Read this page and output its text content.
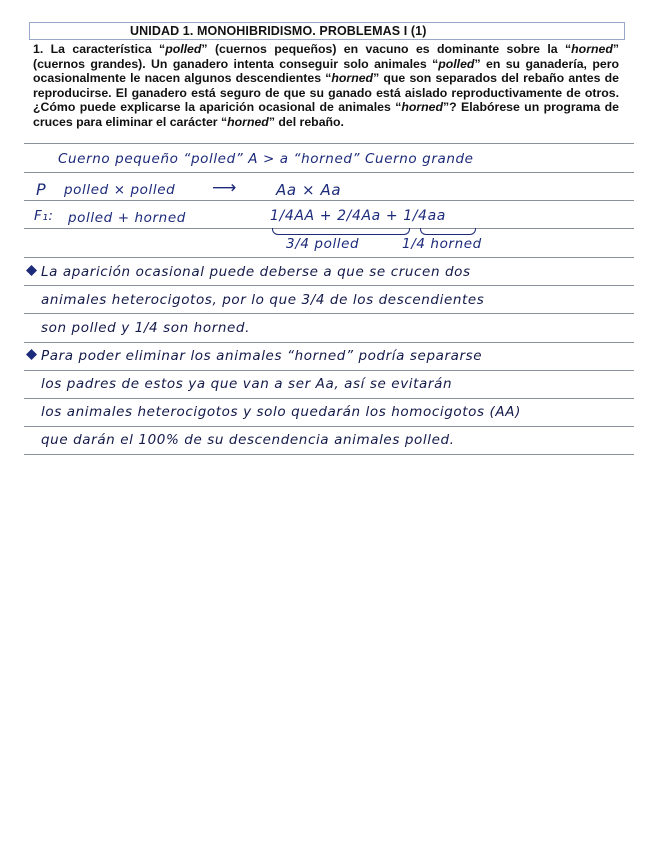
UNIDAD 1. MONOHIBRIDISMO. PROBLEMAS I (1)
1. La característica “polled” (cuernos pequeños) en vacuno es dominante sobre la “horned” (cuernos grandes). Un ganadero intenta conseguir solo animales “polled” en su ganadería, pero ocasionalmente le nacen algunos descendientes “horned” que son separados del rebaño antes de reproducirse. El ganadero está seguro de que su ganado está aislado reproductivamente de otros. ¿Cómo puede explicarse la aparición ocasional de animales “horned”? Elabórese un programa de cruces para eliminar el carácter “horned” del rebaño.
Cuerno pequeño “polled” A > a “horned” Cuerno grande
P polled × polled ⟶	Aa × Aa
F₁: polled + horned	1/4AA + 2/4Aa + 1/4aa
3/4 polled	1/4 horned
La aparición ocasional puede deberse a que se crucen dos
animales heterocigotos, por lo que 3/4 de los descendientes
son polled y 1/4 son horned.
Para poder eliminar los animales “horned” podría separarse
los padres de estos ya que van a ser Aa, así se evitarán
los animales heterocigotos y solo quedarán los homocigotos (AA)
que darán el 100% de su descendencia animales polled.
